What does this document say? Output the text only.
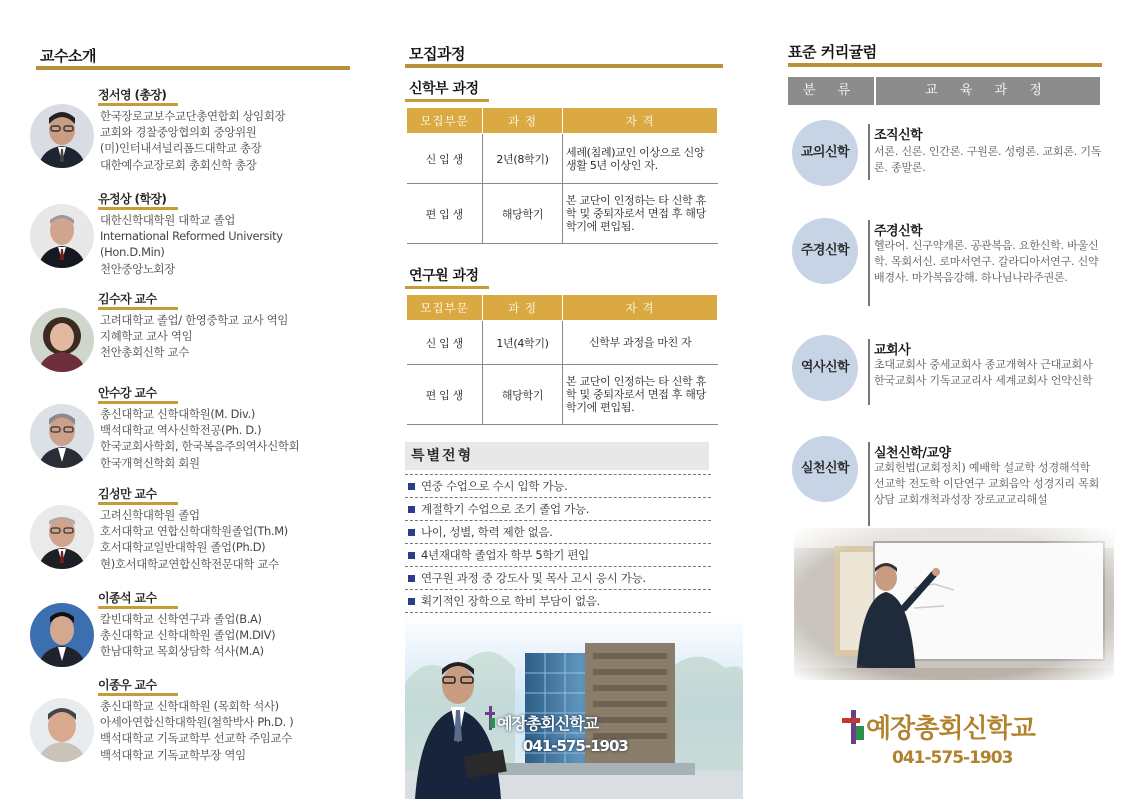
교수소개
정서영 (총장)
한국장로교보수교단총연합회 상임회장
교회와 경찰중앙협의회 중앙위원
(미)인터내셔널리폼드대학교 총장
대한예수교장로회 총회신학 총장
유정상 (학장)
대한신학대학원 대학교 졸업
International Reformed University
(Hon.D.Min)
천안중앙노회장
김수자 교수
고려대학교 졸업/ 한영중학교 교사 역임
지혜학교 교사 역임
천안총회신학 교수
안수강 교수
총신대학교 신학대학원(M. Div.)
백석대학교 역사신학전공(Ph. D.)
한국교회사학회, 한국복음주의역사신학회
한국개혁신학회 회원
김성만 교수
고려신학대학원 졸업
호서대학교 연합신학대학원졸업(Th.M)
호서대학교일반대학원 졸업(Ph.D)
현)호서대학교연합신학전문대학 교수
이종석 교수
칼빈대학교 신학연구과 졸업(B.A)
총신대학교 신학대학원 졸업(M.DIV)
한남대학교 목회상담학 석사(M.A)
이종우 교수
총신대학교 신학대학원 (목회학 석사)
아세아연합신학대학원(철학박사 Ph.D. )
백석대학교 기독교학부 선교학 주임교수
백석대학교 기독교학부장 역임
모집과정
신학부 과정
모집부문	과 정	자 격
신 입 생	2년(8학기)	세례(침례)교인 이상으로 신앙생활 5년 이상인 자.
편 입 생	해당학기	본 교단이 인정하는 타 신학 휴학 및 중퇴자로서 면접 후 해당 학기에 편입됨.
연구원 과정
모집부문	과 정	자 격
신 입 생	1년(4학기)	신학부 과정을 마친 자
편 입 생	해당학기	본 교단이 인정하는 타 신학 휴학 및 중퇴자로서 면접 후 해당 학기에 편입됨.
특별전형
연중 수업으로 수시 입학 가능.
계절학기 수업으로 조기 졸업 가능.
나이, 성별, 학력 제한 없음.
4년재대학 졸업자 학부 5학기 편입
연구원 과정 중 강도사 및 목사 고시 응시 가능.
획기적인 장학으로 학비 부담이 없음.
예장총회신학교
041-575-1903
표준 커리귤럼
분 류	교 육 과 정
교의신학
조직신학
서론. 신론. 인간론. 구원론. 성령론. 교회론. 기독론. 종말론.
주경신학
주경신학
헬라어. 신구약개론. 공관복음. 요한신학. 바울신학. 목회서신. 로마서연구. 갈라디아서연구. 신약배경사. 마가복음강해. 하나님나라주권론.
역사신학
교회사
초대교회사 중세교회사 종교개혁사 근대교회사 한국교회사 기독교교리사 세계교회사 언약신학
실천신학
실천신학/교양
교회헌법(교회정치) 예배학 설교학 성경해석학 선교학 전도학 이단연구 교회음악 성경지리 목회상담 교회개척과성장 장로교교리해설
예장총회신학교
041-575-1903
